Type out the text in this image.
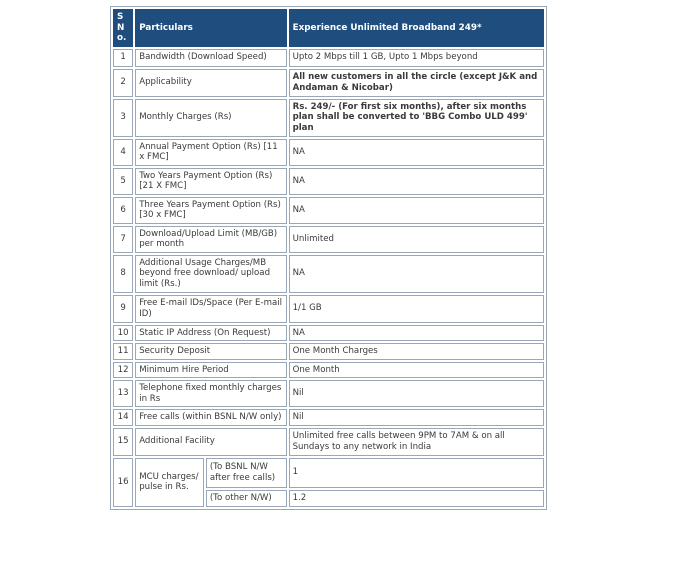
S No.	Particulars		Experience Unlimited Broadband 249*
1	Bandwidth (Download Speed)		Upto 2 Mbps till 1 GB, Upto 1 Mbps beyond
2	Applicability		All new customers in all the circle (except J&K and Andaman & Nicobar)
3	Monthly Charges (Rs)		Rs. 249/- (For first six months), after six months plan shall be converted to 'BBG Combo ULD 499' plan
4	Annual Payment Option (Rs) [11 x FMC]		NA
5	Two Years Payment Option (Rs) [21 X FMC]		NA
6	Three Years Payment Option (Rs) [30 x FMC]		NA
7	Download/Upload Limit (MB/GB) per month		Unlimited
8	Additional Usage Charges/MB beyond free download/ upload limit (Rs.)		NA
9	Free E-mail IDs/Space (Per E-mail ID)		1/1 GB
10	Static IP Address (On Request)		NA
11	Security Deposit		One Month Charges
12	Minimum Hire Period		One Month
13	Telephone fixed monthly charges in Rs		Nil
14	Free calls (within BSNL N/W only)		Nil
15	Additional Facility		Unlimited free calls between 9PM to 7AM & on all Sundays to any network in India
16	MCU charges/ pulse in Rs.	(To BSNL N/W after free calls)	1
		(To other N/W)	1.2
